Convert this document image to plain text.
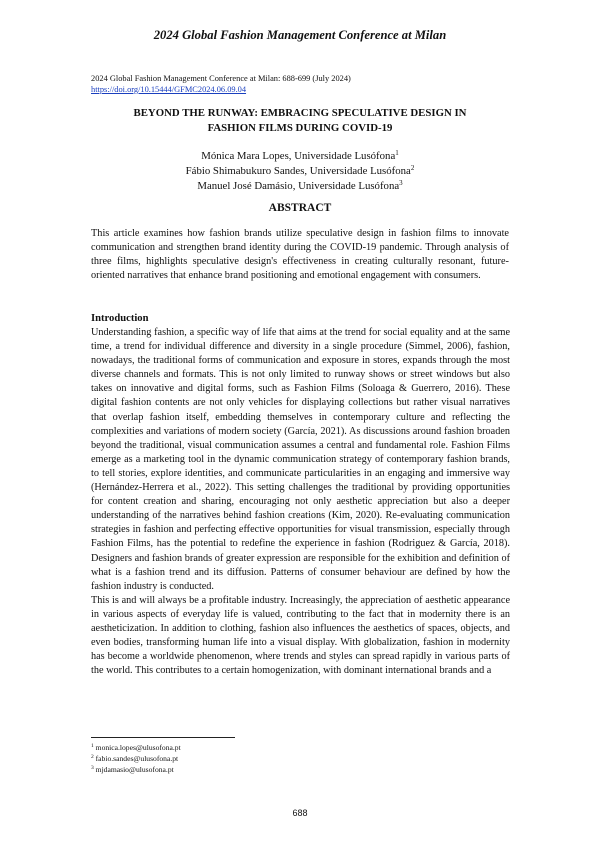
2024 Global Fashion Management Conference at Milan
2024 Global Fashion Management Conference at Milan: 688-699 (July 2024)
https://doi.org/10.15444/GFMC2024.06.09.04
BEYOND THE RUNWAY: EMBRACING SPECULATIVE DESIGN IN
FASHION FILMS DURING COVID-19
Mónica Mara Lopes, Universidade Lusófona$^1$
Fábio Shimabukuro Sandes, Universidade Lusófona$^2$
Manuel José Damásio, Universidade Lusófona$^3$
ABSTRACT

This article examines how fashion brands utilize speculative design in fashion films to innovate communication and strengthen brand identity during the COVID-19 pandemic. Through analysis of three films, highlights speculative design's effectiveness in creating culturally resonant, future-oriented narratives that enhance brand positioning and emotional engagement with consumers.

Introduction

Understanding fashion, a specific way of life that aims at the trend for social equality and at the same time, a trend for individual difference and diversity in a single procedure (Simmel, 2006), fashion, nowadays, the traditional forms of communication and exposure in stores, expands through the most diverse channels and formats. This is not only limited to runway shows or street windows but also takes on innovative and digital forms, such as Fashion Films (Soloaga & Guerrero, 2016). These digital fashion contents are not only vehicles for displaying collections but rather visual narratives that overlap fashion itself, embedding themselves in contemporary culture and reflecting the complexities and variations of modern society (García, 2021). As discussions around fashion broaden beyond the traditional, visual communication assumes a central and fundamental role. Fashion Films emerge as a marketing tool in the dynamic communication strategy of contemporary fashion brands, to tell stories, explore identities, and communicate particularities in an engaging and immersive way (Hernández-Herrera et al., 2022). This setting challenges the traditional by providing opportunities for content creation and sharing, encouraging not only aesthetic appreciation but also a deeper understanding of the narratives behind fashion creations (Kim, 2020). Re-evaluating communication strategies in fashion and perfecting effective opportunities for visual transmission, especially through Fashion Films, has the potential to redefine the experience in fashion (Rodriguez & García, 2018). Designers and fashion brands of greater expression are responsible for the exhibition and definition of what is a fashion trend and its diffusion. Patterns of consumer behaviour are defined by how the fashion industry is conducted.

This is and will always be a profitable industry. Increasingly, the appreciation of aesthetic appearance in various aspects of everyday life is valued, contributing to the fact that in modernity there is an aestheticization. In addition to clothing, fashion also influences the aesthetics of spaces, objects, and even bodies, transforming human life into a visual display. With globalization, fashion in modernity has become a worldwide phenomenon, where trends and styles can spread rapidly in various parts of the world. This contributes to a certain homogenization, with dominant international brands and a

$^1$ monica.lopes@ulusofona.pt
$^2$ fabio.sandes@ulusofona.pt
$^3$ mjdamasio@ulusofona.pt
688
